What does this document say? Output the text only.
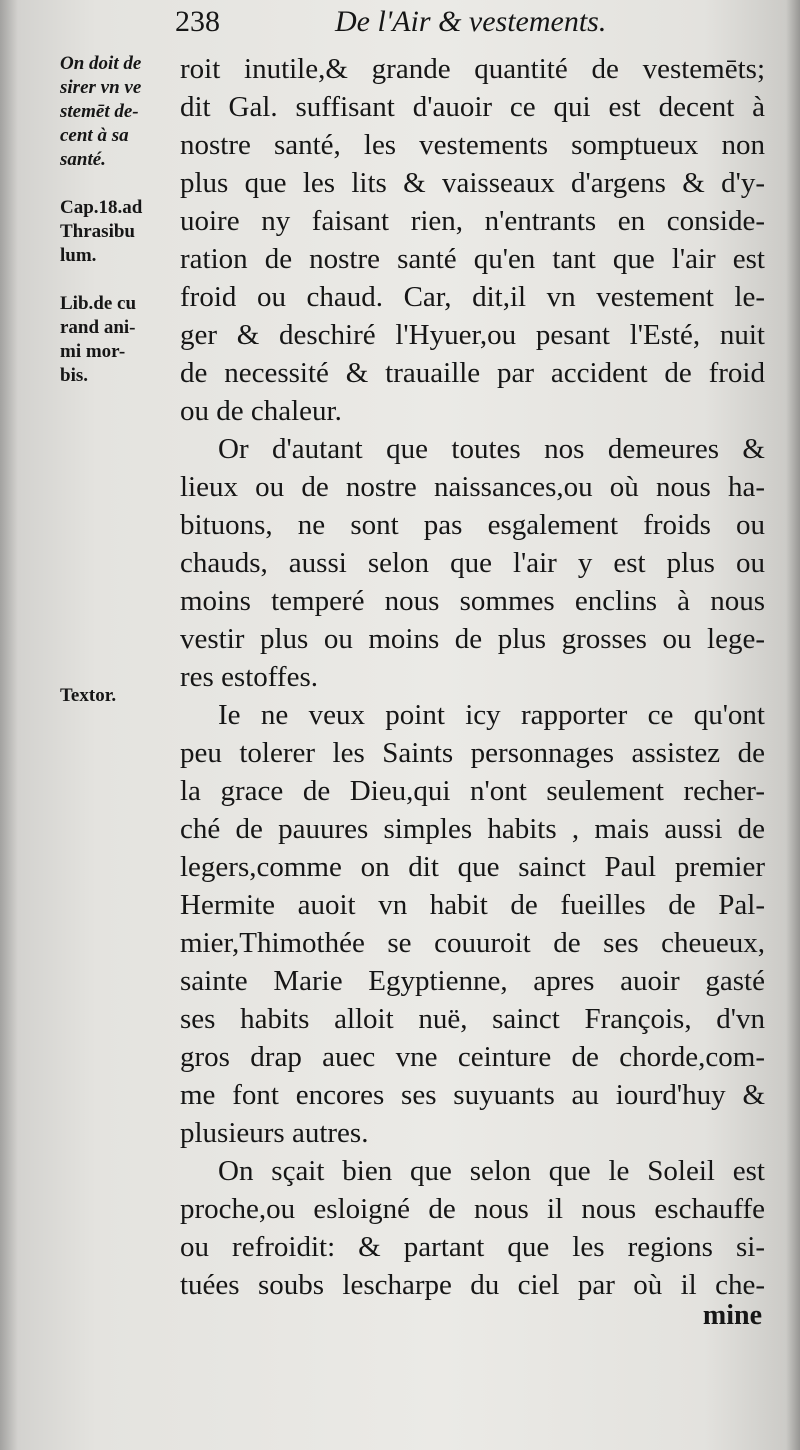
238	De l'Air & vestements.
On doit de
sirer vn ve
stemēt de-
cent à sa
santé.
Cap.18.ad
Thrasibu
lum.
Lib.de cu
rand ani-
mi mor-
bis.
Textor.
roit inutile,& grande quantité de vestemēts;
dit Gal. suffisant d'auoir ce qui est decent à
nostre santé, les vestements somptueux non
plus que les lits & vaisseaux d'argens & d'y-
uoire ny faisant rien, n'entrants en conside-
ration de nostre santé qu'en tant que l'air est
froid ou chaud. Car, dit,il vn vestement le-
ger & deschiré l'Hyuer,ou pesant l'Esté, nuit
de necessité & trauaille par accident de froid
ou de chaleur.
Or d'autant que toutes nos demeures &
lieux ou de nostre naissances,ou où nous ha-
bituons, ne sont pas esgalement froids ou
chauds, aussi selon que l'air y est plus ou
moins temperé nous sommes enclins à nous
vestir plus ou moins de plus grosses ou lege-
res estoffes.
Ie ne veux point icy rapporter ce qu'ont
peu tolerer les Saints personnages assistez de
la grace de Dieu,qui n'ont seulement recher-
ché de pauures simples habits , mais aussi de
legers,comme on dit que sainct Paul premier
Hermite auoit vn habit de fueilles de Pal-
mier,Thimothée se couuroit de ses cheueux,
sainte Marie Egyptienne, apres auoir gasté
ses habits alloit nuë, sainct François, d'vn
gros drap auec vne ceinture de chorde,com-
me font encores ses suyuants au iourd'huy &
plusieurs autres.
On sçait bien que selon que le Soleil est
proche,ou esloigné de nous il nous eschauffe
ou refroidit: & partant que les regions si-
tuées soubs lescharpe du ciel par où il che-
mine
